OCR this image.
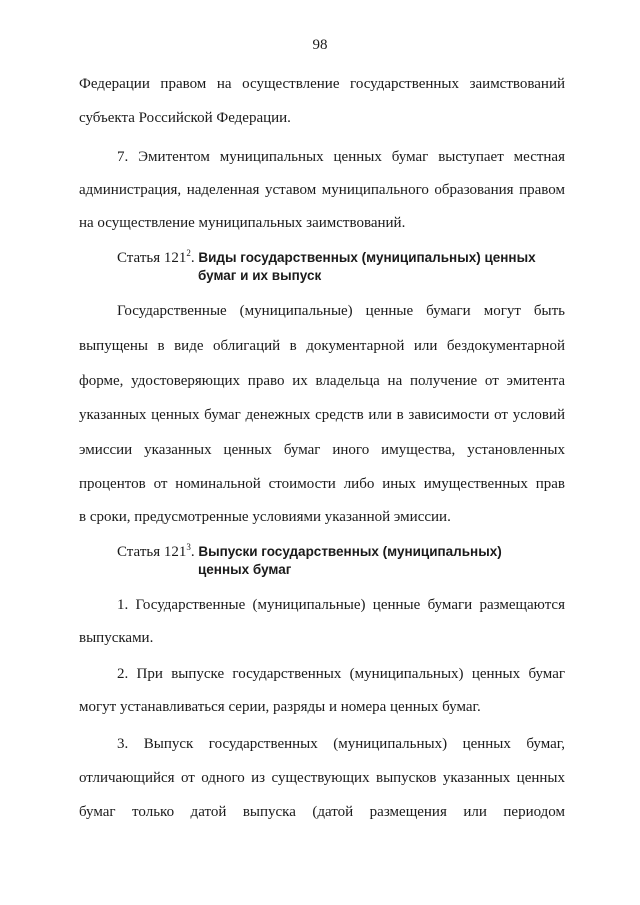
98
Федерации правом на осуществление государственных заимствований
субъекта Российской Федерации.
7. Эмитентом муниципальных ценных бумаг выступает местная
администрация, наделенная уставом муниципального образования правом
на осуществление муниципальных заимствований.
Статья $121^2$. Виды государственных (муниципальных) ценных
бумаг и их выпуск
Государственные (муниципальные) ценные бумаги могут быть
выпущены в виде облигаций в документарной или бездокументарной
форме, удостоверяющих право их владельца на получение от эмитента
указанных ценных бумаг денежных средств или в зависимости от условий
эмиссии указанных ценных бумаг иного имущества, установленных
процентов от номинальной стоимости либо иных имущественных прав
в сроки, предусмотренные условиями указанной эмиссии.
Статья $121^3$. Выпуски государственных (муниципальных)
ценных бумаг
1. Государственные (муниципальные) ценные бумаги размещаются
выпусками.
2. При выпуске государственных (муниципальных) ценных бумаг
могут устанавливаться серии, разряды и номера ценных бумаг.
3. Выпуск государственных (муниципальных) ценных бумаг,
отличающийся от одного из существующих выпусков указанных ценных
бумаг только датой выпуска (датой размещения или периодом
